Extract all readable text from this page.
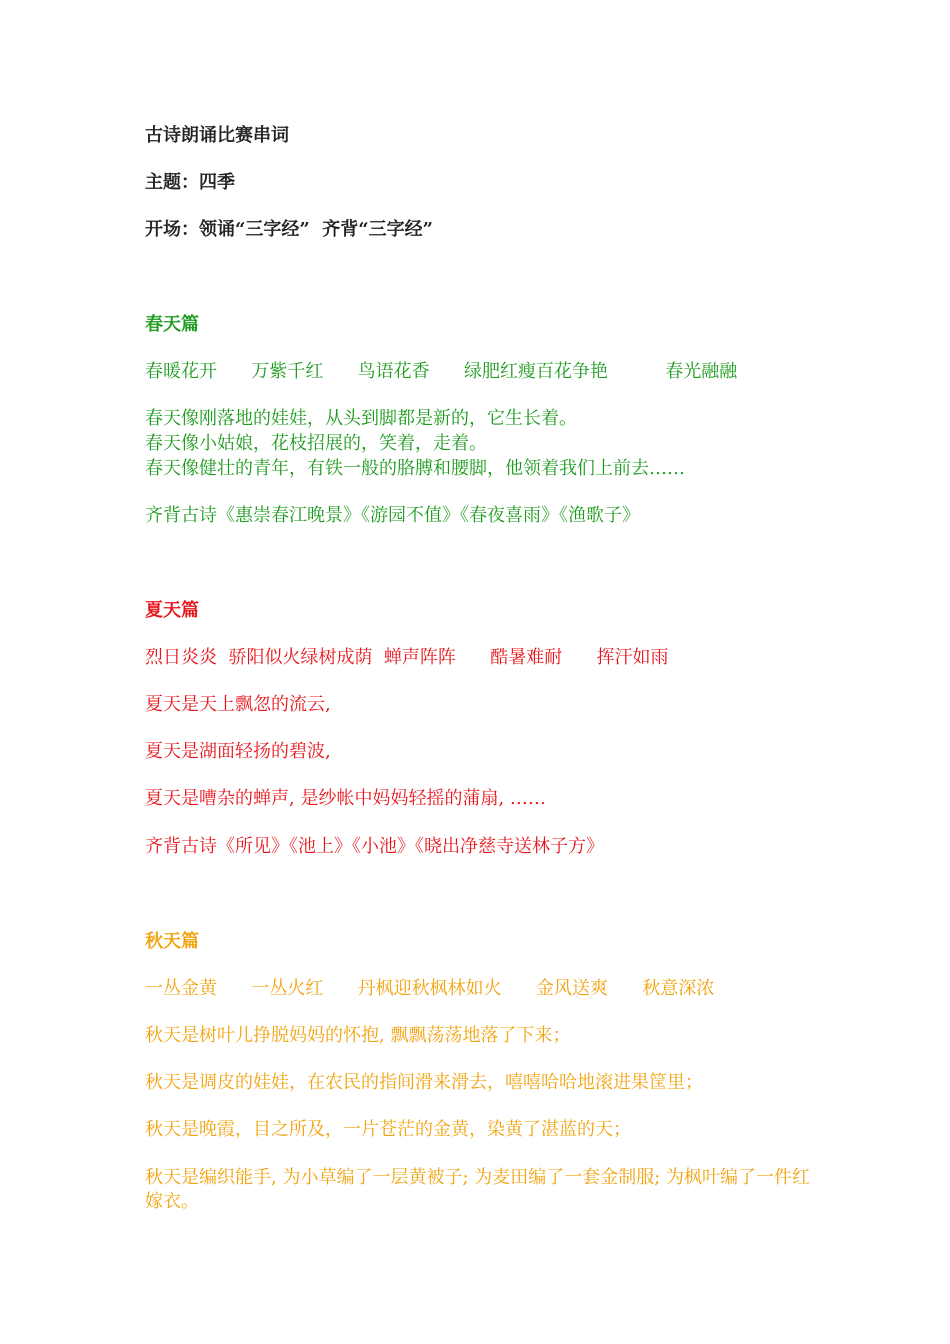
古诗朗诵比赛串词

主题：四季

开场：领诵“三字经”  齐背“三字经”

春天篇

春暖花开      万紫千红      鸟语花香      绿肥红瘦百花争艳          春光融融

春天像刚落地的娃娃，从头到脚都是新的，它生长着。

春天像小姑娘，花枝招展的，笑着，走着。

春天像健壮的青年，有铁一般的胳膊和腰脚，他领着我们上前去……

齐背古诗《惠崇春江晚景》《游园不值》《春夜喜雨》《渔歌子》

夏天篇

烈日炎炎  骄阳似火绿树成荫  蝉声阵阵      酷暑难耐      挥汗如雨

夏天是天上飘忽的流云,

夏天是湖面轻扬的碧波,

夏天是嘈杂的蝉声, 是纱帐中妈妈轻摇的蒲扇, ……

齐背古诗《所见》《池上》《小池》《晓出净慈寺送林子方》

秋天篇

一丛金黄      一丛火红      丹枫迎秋枫林如火      金风送爽      秋意深浓

秋天是树叶儿挣脱妈妈的怀抱, 飘飘荡荡地落了下来；

秋天是调皮的娃娃，在农民的指间滑来滑去，嘻嘻哈哈地滚进果筐里；

秋天是晚霞，目之所及，一片苍茫的金黄，染黄了湛蓝的天；

秋天是编织能手, 为小草编了一层黄被子; 为麦田编了一套金制服; 为枫叶编了一件红嫁衣。
